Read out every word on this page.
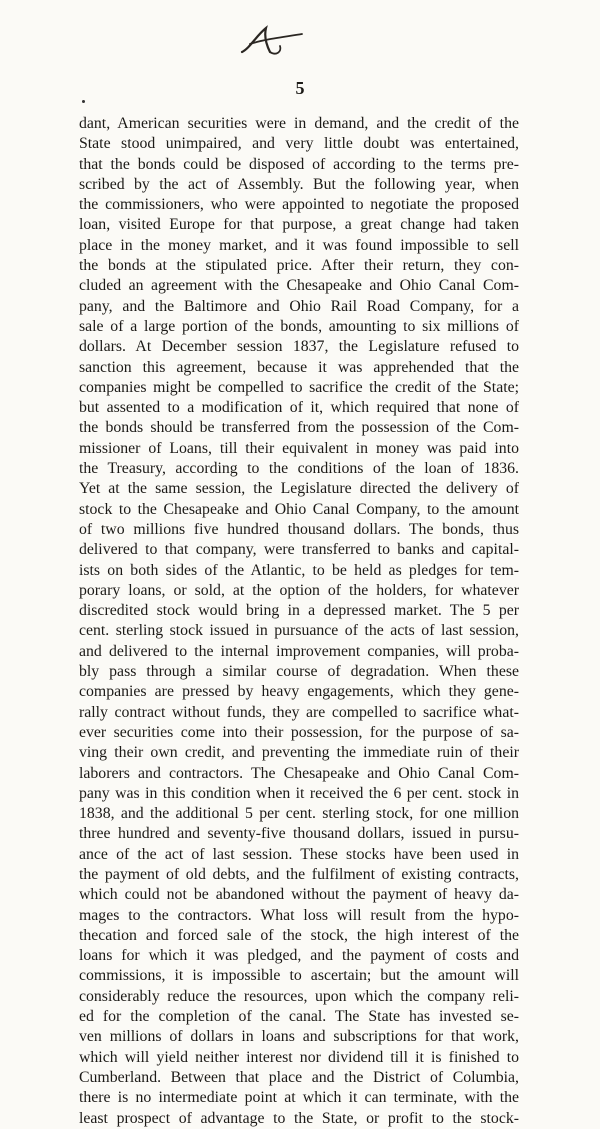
5
dant, American securities were in demand, and the credit of the
State stood unimpaired, and very little doubt was entertained,
that the bonds could be disposed of according to the terms pre-
scribed by the act of Assembly. But the following year, when
the commissioners, who were appointed to negotiate the proposed
loan, visited Europe for that purpose, a great change had taken
place in the money market, and it was found impossible to sell
the bonds at the stipulated price. After their return, they con-
cluded an agreement with the Chesapeake and Ohio Canal Com-
pany, and the Baltimore and Ohio Rail Road Company, for a
sale of a large portion of the bonds, amounting to six millions of
dollars. At December session 1837, the Legislature refused to
sanction this agreement, because it was apprehended that the
companies might be compelled to sacrifice the credit of the State;
but assented to a modification of it, which required that none of
the bonds should be transferred from the possession of the Com-
missioner of Loans, till their equivalent in money was paid into
the Treasury, according to the conditions of the loan of 1836.
Yet at the same session, the Legislature directed the delivery of
stock to the Chesapeake and Ohio Canal Company, to the amount
of two millions five hundred thousand dollars. The bonds, thus
delivered to that company, were transferred to banks and capital-
ists on both sides of the Atlantic, to be held as pledges for tem-
porary loans, or sold, at the option of the holders, for whatever
discredited stock would bring in a depressed market. The 5 per
cent. sterling stock issued in pursuance of the acts of last session,
and delivered to the internal improvement companies, will proba-
bly pass through a similar course of degradation. When these
companies are pressed by heavy engagements, which they gene-
rally contract without funds, they are compelled to sacrifice what-
ever securities come into their possession, for the purpose of sa-
ving their own credit, and preventing the immediate ruin of their
laborers and contractors. The Chesapeake and Ohio Canal Com-
pany was in this condition when it received the 6 per cent. stock in
1838, and the additional 5 per cent. sterling stock, for one million
three hundred and seventy-five thousand dollars, issued in pursu-
ance of the act of last session. These stocks have been used in
the payment of old debts, and the fulfilment of existing contracts,
which could not be abandoned without the payment of heavy da-
mages to the contractors. What loss will result from the hypo-
thecation and forced sale of the stock, the high interest of the
loans for which it was pledged, and the payment of costs and
commissions, it is impossible to ascertain; but the amount will
considerably reduce the resources, upon which the company reli-
ed for the completion of the canal. The State has invested se-
ven millions of dollars in loans and subscriptions for that work,
which will yield neither interest nor dividend till it is finished to
Cumberland. Between that place and the District of Columbia,
there is no intermediate point at which it can terminate, with the
least prospect of advantage to the State, or profit to the stock-
